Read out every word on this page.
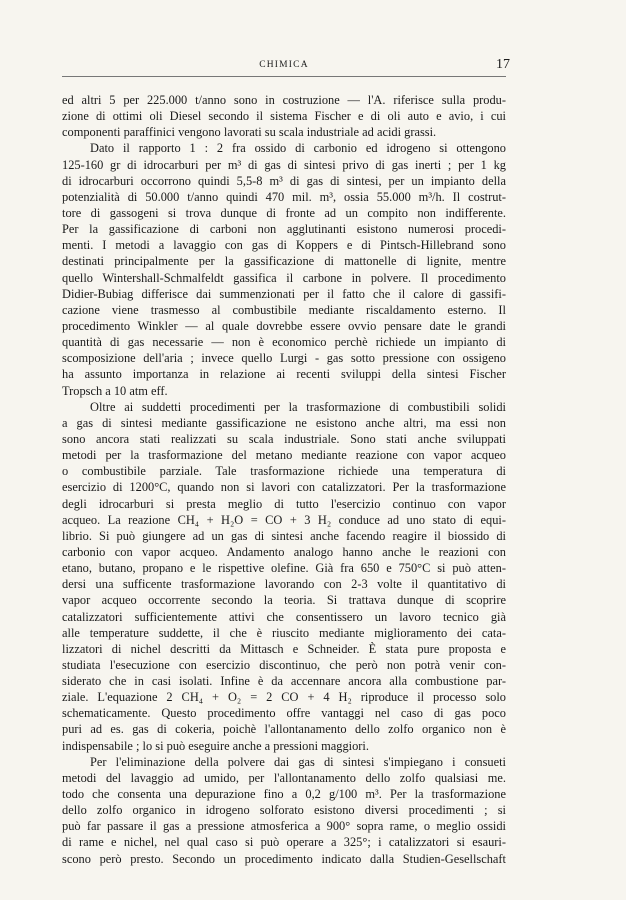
CHIMICA	17
ed altri 5 per 225.000 t/anno sono in costruzione — l'A. riferisce sulla produ-
zione di ottimi oli Diesel secondo il sistema Fischer e di oli auto e avio, i cui
componenti paraffinici vengono lavorati su scala industriale ad acidi grassi.
Dato il rapporto 1 : 2 fra ossido di carbonio ed idrogeno si ottengono
125-160 gr di idrocarburi per m³ di gas di sintesi privo di gas inerti ; per 1 kg
di idrocarburi occorrono quindi 5,5-8 m³ di gas di sintesi, per un impianto della
potenzialità di 50.000 t/anno quindi 470 mil. m³, ossia 55.000 m³/h. Il costrut-
tore di gassogeni si trova dunque di fronte ad un compito non indifferente.
Per la gassificazione di carboni non agglutinanti esistono numerosi procedi-
menti. I metodi a lavaggio con gas di Koppers e di Pintsch-Hillebrand sono
destinati principalmente per la gassificazione di mattonelle di lignite, mentre
quello Wintershall-Schmalfeldt gassifica il carbone in polvere. Il procedimento
Didier-Bubiag differisce dai summenzionati per il fatto che il calore di gassifi-
cazione viene trasmesso al combustibile mediante riscaldamento esterno. Il
procedimento Winkler — al quale dovrebbe essere ovvio pensare date le grandi
quantità di gas necessarie — non è economico perchè richiede un impianto di
scomposizione dell'aria ; invece quello Lurgi - gas sotto pressione con ossigeno
ha assunto importanza in relazione ai recenti sviluppi della sintesi Fischer
Tropsch a 10 atm eff.
Oltre ai suddetti procedimenti per la trasformazione di combustibili solidi
a gas di sintesi mediante gassificazione ne esistono anche altri, ma essi non
sono ancora stati realizzati su scala industriale. Sono stati anche sviluppati
metodi per la trasformazione del metano mediante reazione con vapor acqueo
o combustibile parziale. Tale trasformazione richiede una temperatura di
esercizio di 1200°C, quando non si lavori con catalizzatori. Per la trasformazione
degli idrocarburi si presta meglio di tutto l'esercizio continuo con vapor
acqueo. La reazione CH₄ + H₂O = CO + 3 H₂ conduce ad uno stato di equi-
librio. Si può giungere ad un gas di sintesi anche facendo reagire il biossido di
carbonio con vapor acqueo. Andamento analogo hanno anche le reazioni con
etano, butano, propano e le rispettive olefine. Già fra 650 e 750°C si può atten-
dersi una sufficente trasformazione lavorando con 2-3 volte il quantitativo di
vapor acqueo occorrente secondo la teoria. Si trattava dunque di scoprire
catalizzatori sufficientemente attivi che consentissero un lavoro tecnico già
alle temperature suddette, il che è riuscito mediante miglioramento dei cata-
lizzatori di nichel descritti da Mittasch e Schneider. È stata pure proposta e
studiata l'esecuzione con esercizio discontinuo, che però non potrà venir con-
siderato che in casi isolati. Infine è da accennare ancora alla combustione par-
ziale. L'equazione 2 CH₄ + O₂ = 2 CO + 4 H₂ riproduce il processo solo
schematicamente. Questo procedimento offre vantaggi nel caso di gas poco
puri ad es. gas di cokeria, poichè l'allontanamento dello zolfo organico non è
indispensabile ; lo si può eseguire anche a pressioni maggiori.
Per l'eliminazione della polvere dai gas di sintesi s'impiegano i consueti
metodi del lavaggio ad umido, per l'allontanamento dello zolfo qualsiasi me.
todo che consenta una depurazione fino a 0,2 g/100 m³. Per la trasformazione
dello zolfo organico in idrogeno solforato esistono diversi procedimenti ; si
può far passare il gas a pressione atmosferica a 900° sopra rame, o meglio ossidi
di rame e nichel, nel qual caso si può operare a 325°; i catalizzatori si esauri-
scono però presto. Secondo un procedimento indicato dalla Studien-Gesellschaft
